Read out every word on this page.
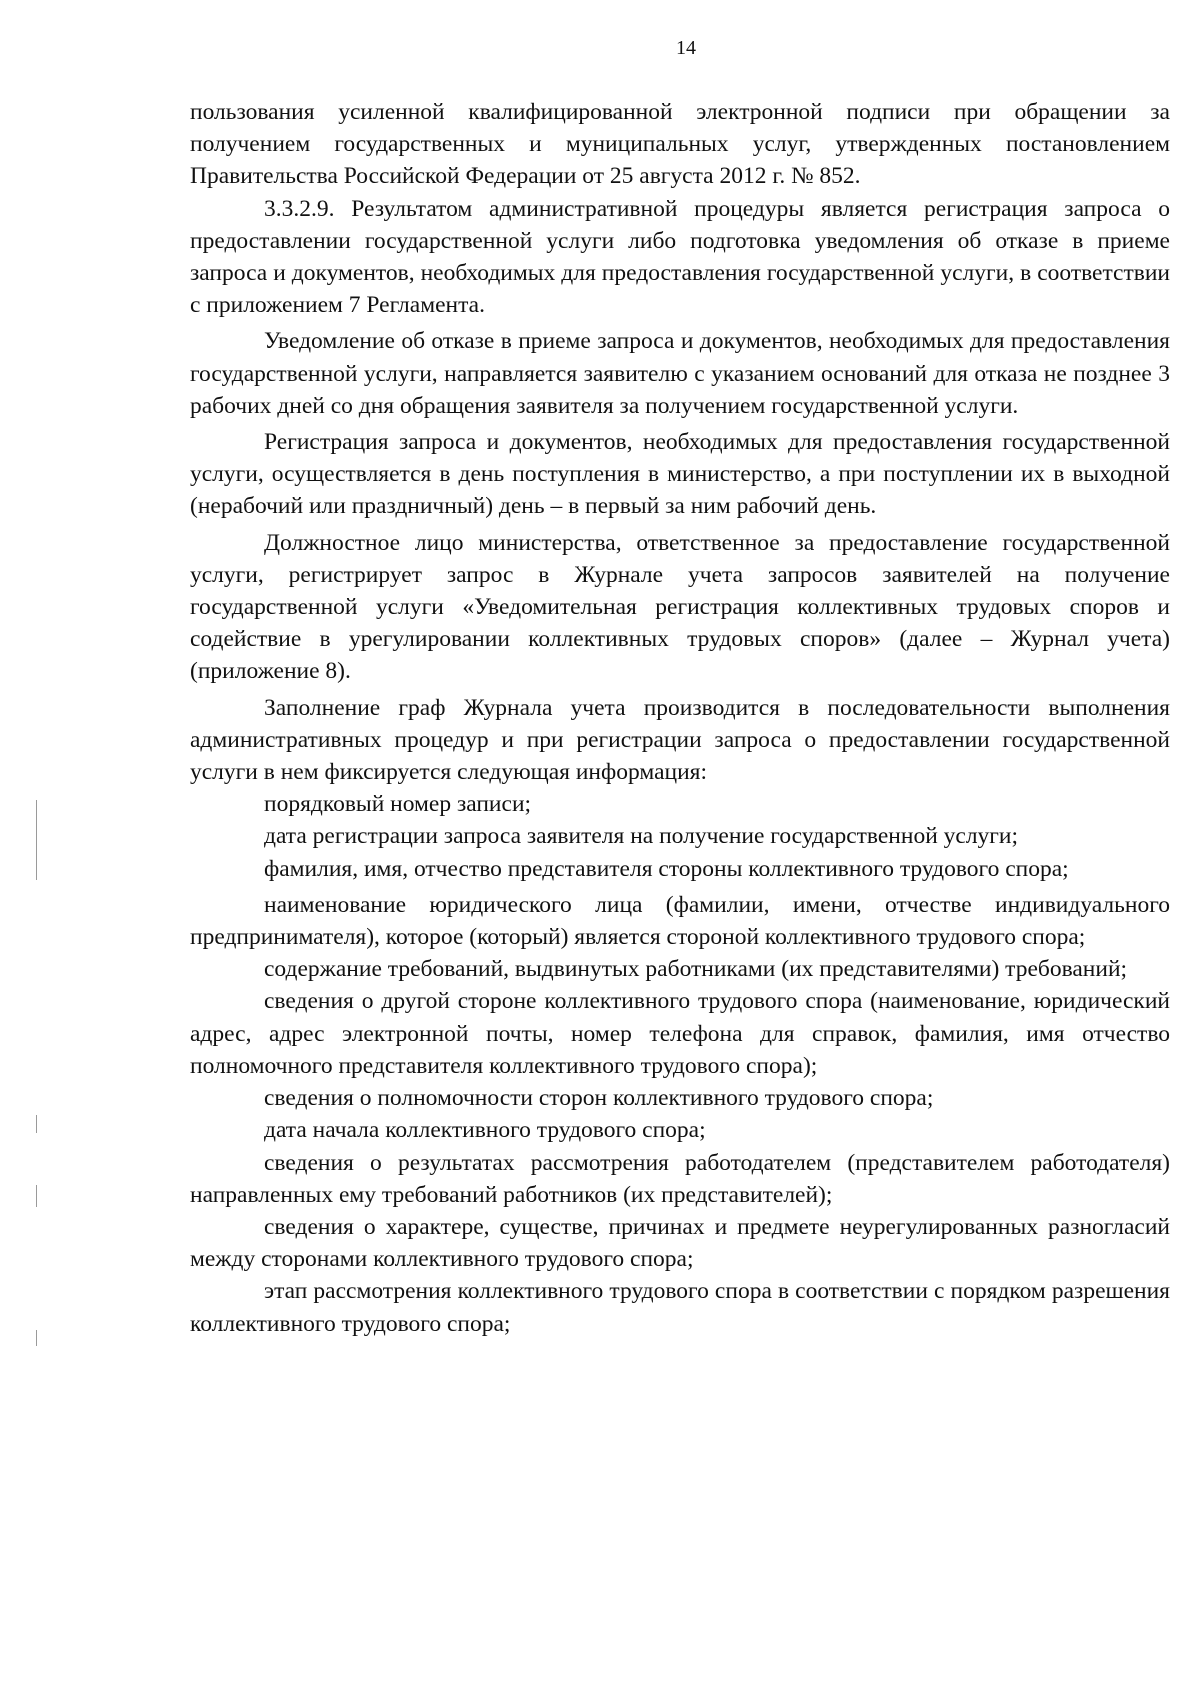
14

пользования усиленной квалифицированной электронной подписи при обращении за получением государственных и муниципальных услуг, утвержденных постановлением Правительства Российской Федерации от 25 августа 2012 г. № 852.

3.3.2.9. Результатом административной процедуры является регистрация запроса о предоставлении государственной услуги либо подготовка уведомления об отказе в приеме запроса и документов, необходимых для предоставления государственной услуги, в соответствии с приложением 7 Регламента.

Уведомление об отказе в приеме запроса и документов, необходимых для предоставления государственной услуги, направляется заявителю с указанием оснований для отказа не позднее 3 рабочих дней со дня обращения заявителя за получением государственной услуги.

Регистрация запроса и документов, необходимых для предоставления государственной услуги, осуществляется в день поступления в министерство, а при поступлении их в выходной (нерабочий или праздничный) день – в первый за ним рабочий день.

Должностное лицо министерства, ответственное за предоставление государственной услуги, регистрирует запрос в Журнале учета запросов заявителей на получение государственной услуги «Уведомительная регистрация коллективных трудовых споров и содействие в урегулировании коллективных трудовых споров» (далее – Журнал учета) (приложение 8).

Заполнение граф Журнала учета производится в последовательности выполнения административных процедур и при регистрации запроса о предоставлении государственной услуги в нем фиксируется следующая информация:

порядковый номер записи;

дата регистрации запроса заявителя на получение государственной услуги;

фамилия, имя, отчество представителя стороны коллективного трудового спора;

наименование юридического лица (фамилии, имени, отчестве индивидуального предпринимателя), которое (который) является стороной коллективного трудового спора;

содержание требований, выдвинутых работниками (их представителями) требований;

сведения о другой стороне коллективного трудового спора (наименование, юридический адрес, адрес электронной почты, номер телефона для справок, фамилия, имя отчество полномочного представителя коллективного трудового спора);

сведения о полномочности сторон коллективного трудового спора;

дата начала коллективного трудового спора;

сведения о результатах рассмотрения работодателем (представителем работодателя) направленных ему требований работников (их представителей);

сведения о характере, существе, причинах и предмете неурегулированных разногласий между сторонами коллективного трудового спора;

этап рассмотрения коллективного трудового спора в соответствии с порядком разрешения коллективного трудового спора;
